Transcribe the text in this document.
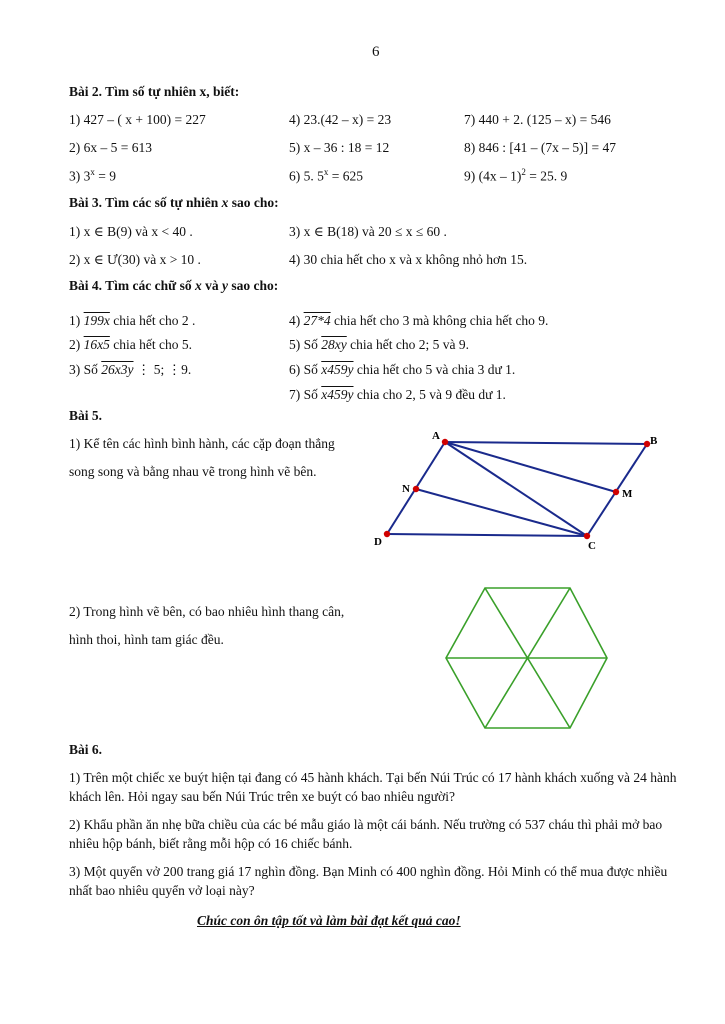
6
Bài 2. Tìm số tự nhiên x, biết:
1) 427 – ( x + 100) = 227	4) 23.(42 – x) = 23	7) 440 + 2. (125 – x) = 546
2) 6x – 5 = 613	5) x – 36 : 18 = 12	8) 846 : [41 – (7x – 5)] = 47
3) $3^x = 9$	6) 5. $5^x = 625$	9) (4x – 1)$^2$ = 25. 9
Bài 3. Tìm các số tự nhiên x sao cho:
1) x ∈ B(9) và x < 40 .	3) x ∈ B(18) và 20 ≤ x ≤ 60 .
2) x ∈ Ư(30) và x > 10 .	4) 30 chia hết cho x và x không nhỏ hơn 15.
Bài 4. Tìm các chữ số x và y sao cho:
1) 199x chia hết cho 2 .
2) 16x5 chia hết cho 5.
3) Số 26x3y ⋮ 5; ⋮9.
4) 27*4 chia hết cho 3 mà không chia hết cho 9.
5) Số 28xy chia hết cho 2; 5 và 9.
6) Số x459y chia hết cho 5 và chia 3 dư 1.
7) Số x459y chia cho 2, 5 và 9 đều dư 1.
Bài 5.
1) Kể tên các hình bình hành, các cặp đoạn thẳng
song song và bằng nhau vẽ trong hình vẽ bên.
A	B
M
N
D	C
2) Trong hình vẽ bên, có bao nhiêu hình thang cân,
hình thoi, hình tam giác đều.
Bài 6.
1) Trên một chiếc xe buýt hiện tại đang có 45 hành khách. Tại bến Núi Trúc có 17 hành khách xuống và 24 hành khách lên. Hỏi ngay sau bến Núi Trúc trên xe buýt có bao nhiêu người?
2) Khẩu phần ăn nhẹ bữa chiều của các bé mẫu giáo là một cái bánh. Nếu trường có 537 cháu thì phải mở bao nhiêu hộp bánh, biết rằng mỗi hộp có 16 chiếc bánh.
3) Một quyển vở 200 trang giá 17 nghìn đồng. Bạn Minh có 400 nghìn đồng. Hỏi Minh có thể mua được nhiều nhất bao nhiêu quyển vở loại này?
Chúc con ôn tập tốt và làm bài đạt kết quả cao!
